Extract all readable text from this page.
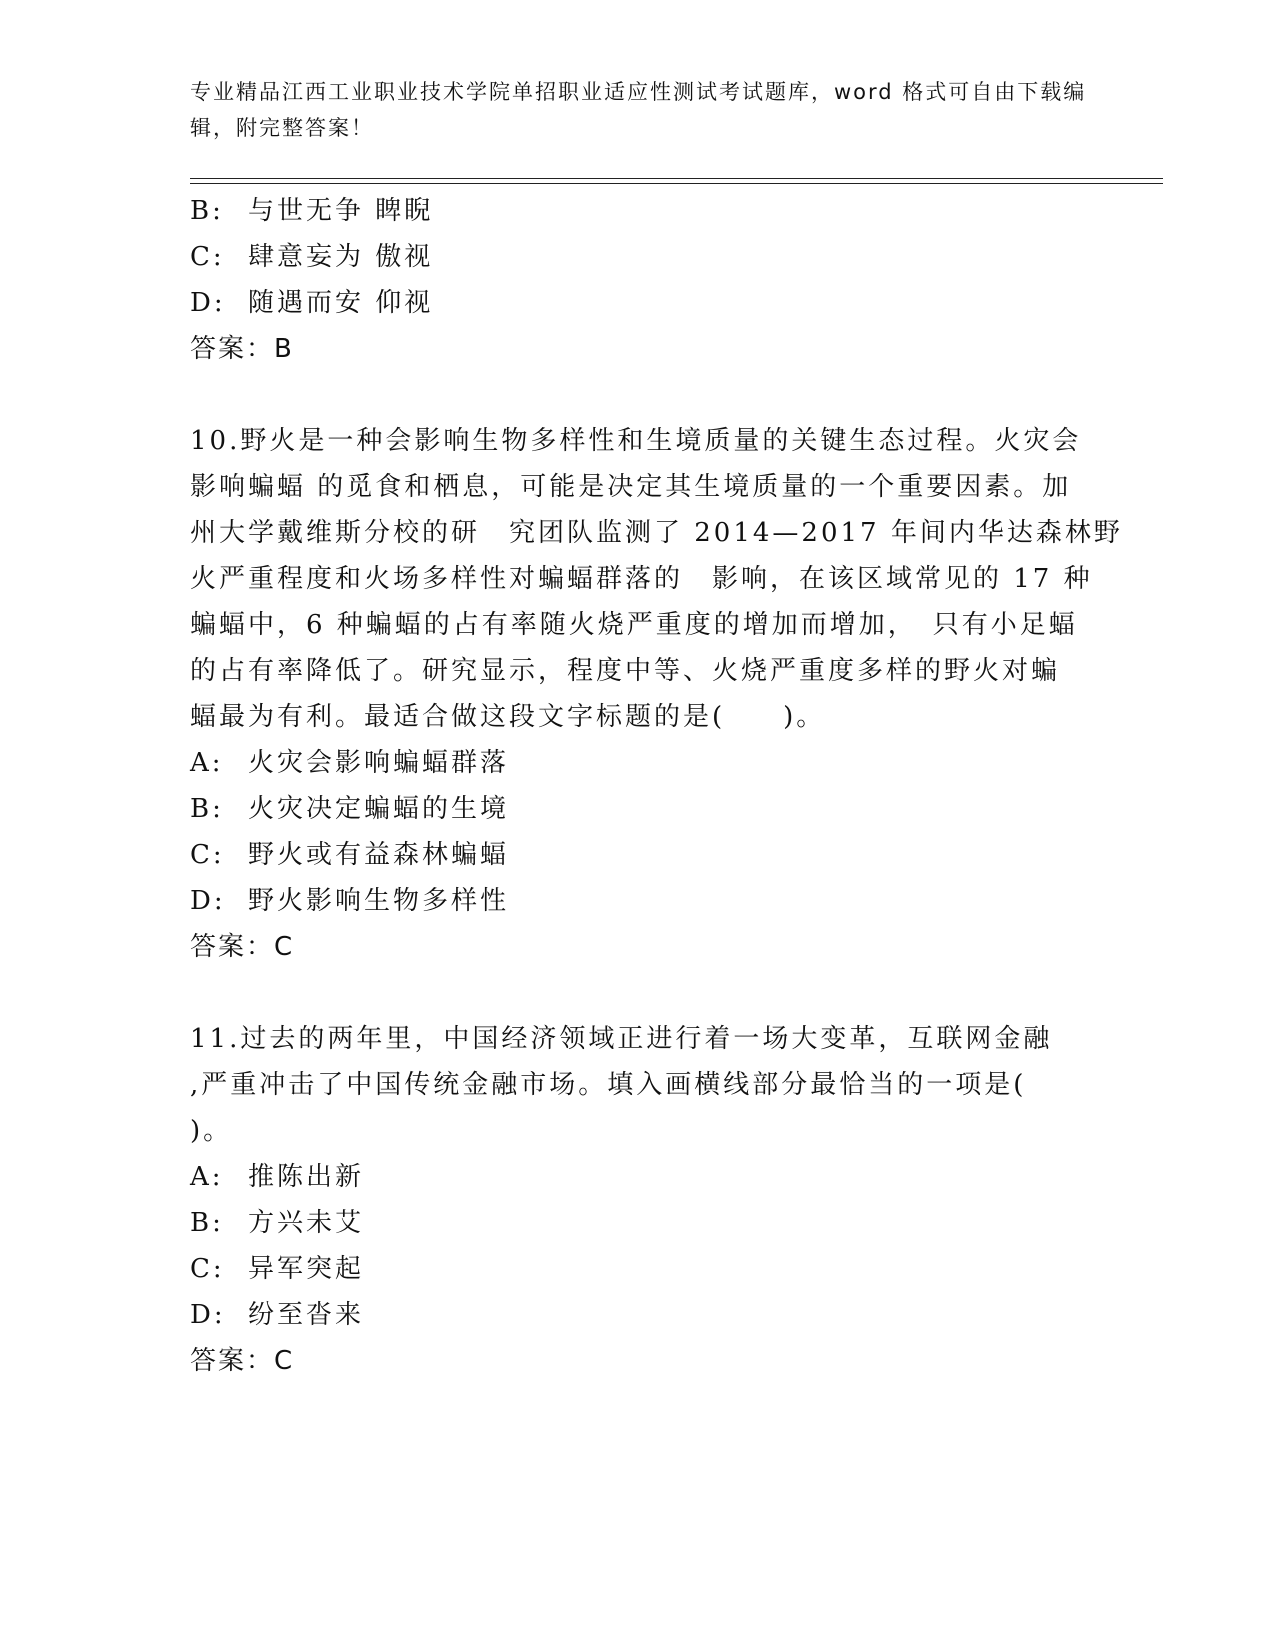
专业精品江西工业职业技术学院单招职业适应性测试考试题库，word 格式可自由下载编辑，附完整答案！

B: 与世无争 睥睨

C: 肆意妄为 傲视

D: 随遇而安 仰视

答案：B

10.野火是一种会影响生物多样性和生境质量的关键生态过程。火灾会

影响蝙蝠 的觅食和栖息，可能是决定其生境质量的一个重要因素。加

州大学戴维斯分校的研　究团队监测了 2014—2017 年间内华达森林野

火严重程度和火场多样性对蝙蝠群落的　影响，在该区域常见的 17 种

蝙蝠中，6 种蝙蝠的占有率随火烧严重度的增加而增加，　只有小足蝠

的占有率降低了。研究显示，程度中等、火烧严重度多样的野火对蝙

蝠最为有利。最适合做这段文字标题的是(　　)。

A: 火灾会影响蝙蝠群落

B: 火灾决定蝙蝠的生境

C: 野火或有益森林蝙蝠

D: 野火影响生物多样性

答案：C

11.过去的两年里，中国经济领域正进行着一场大变革，互联网金融

,严重冲击了中国传统金融市场。填入画横线部分最恰当的一项是(

)。

A: 推陈出新

B: 方兴未艾

C: 异军突起

D: 纷至沓来

答案：C
